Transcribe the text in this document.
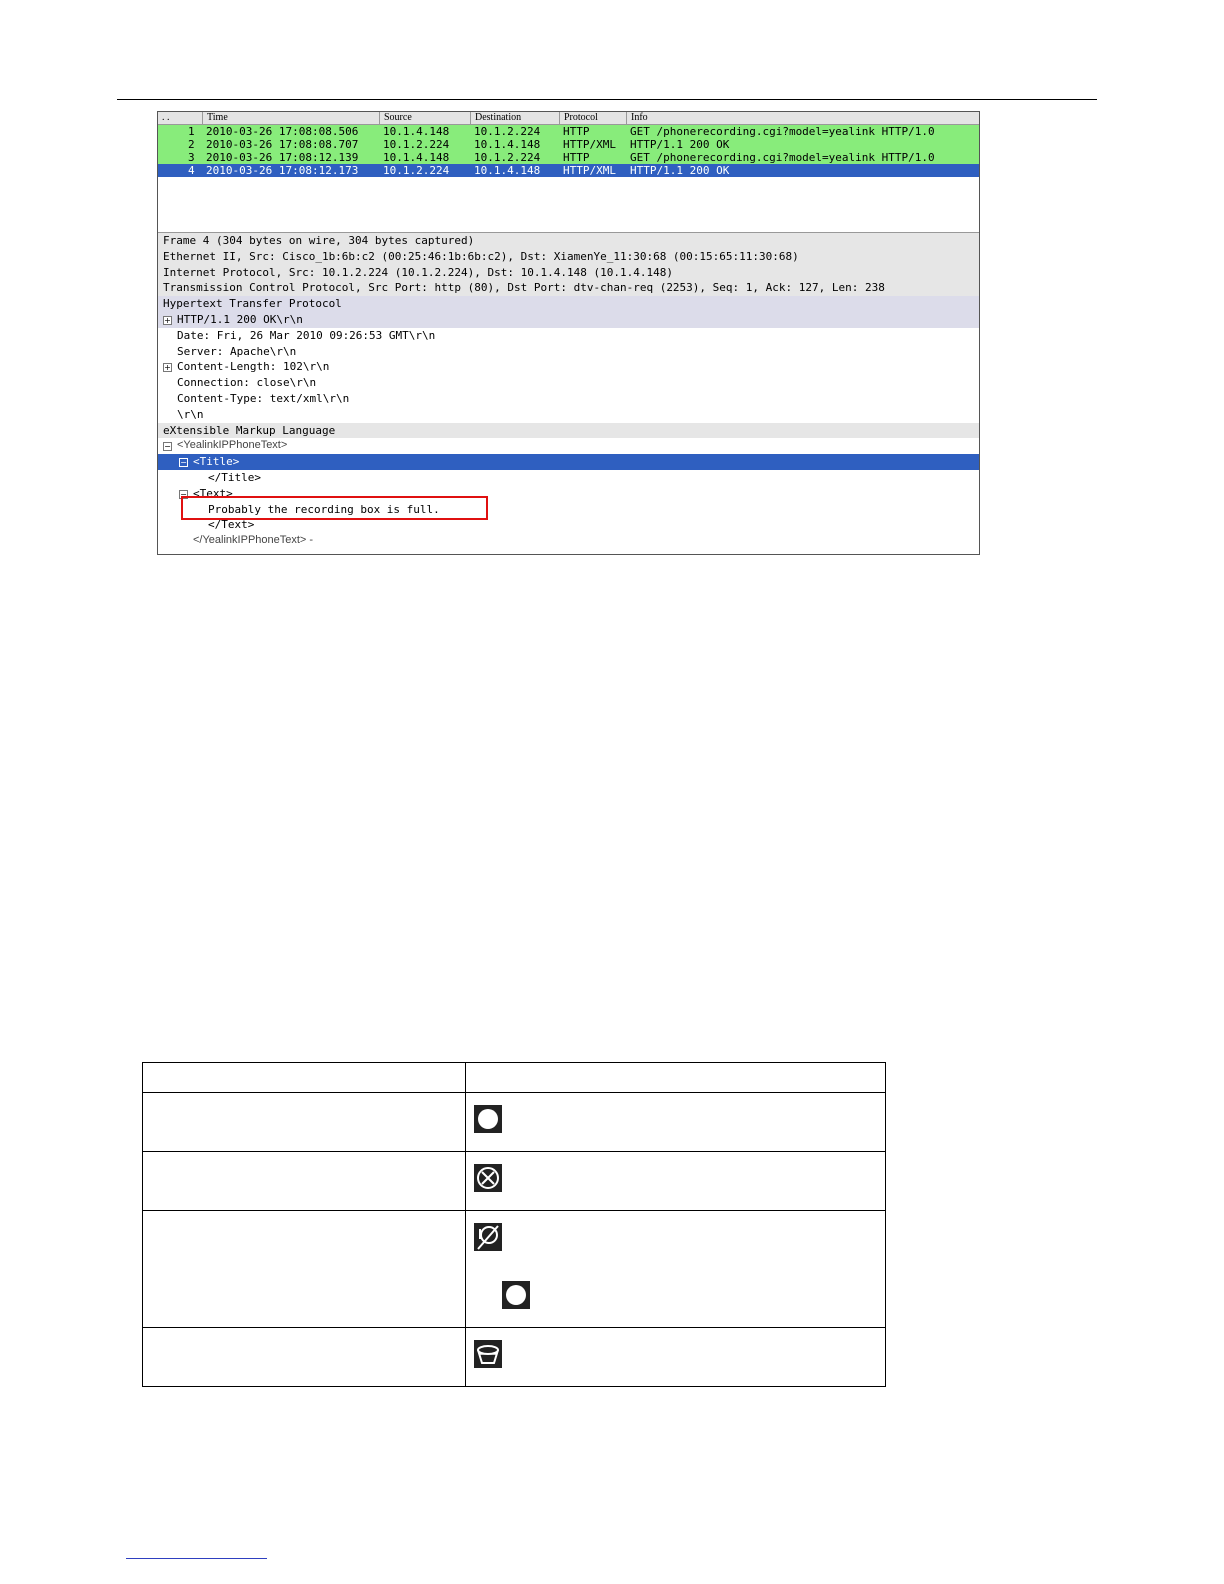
. .	Time	Source	Destination	Protocol	Info
1 2010-03-26 17:08:08.506 10.1.4.148 10.1.2.224 HTTP	GET /phonerecording.cgi?model=yealink HTTP/1.0
2 2010-03-26 17:08:08.707 10.1.2.224 10.1.4.148 HTTP/XML HTTP/1.1 200 OK
3 2010-03-26 17:08:12.139 10.1.4.148 10.1.2.224 HTTP	GET /phonerecording.cgi?model=yealink HTTP/1.0
4 2010-03-26 17:08:12.173 10.1.2.224 10.1.4.148 HTTP/XML HTTP/1.1 200 OK
Frame 4 (304 bytes on wire, 304 bytes captured)
Ethernet II, Src: Cisco_1b:6b:c2 (00:25:46:1b:6b:c2), Dst: XiamenYe_11:30:68 (00:15:65:11:30:68)
Internet Protocol, Src: 10.1.2.224 (10.1.2.224), Dst: 10.1.4.148 (10.1.4.148)
Transmission Control Protocol, Src Port: http (80), Dst Port: dtv-chan-req (2253), Seq: 1, Ack: 127, Len: 238
Hypertext Transfer Protocol
+ HTTP/1.1 200 OK\r\n
Date: Fri, 26 Mar 2010 09:26:53 GMT\r\n
Server: Apache\r\n
+ Content-Length: 102\r\n
Connection: close\r\n
Content-Type: text/xml\r\n
\r\n
eXtensible Markup Language
− <YealinkIPPhoneText>
− <Title>
</Title>
− <Text>
Probably the recording box is full.
</Text>
</YealinkIPPhoneText> -
